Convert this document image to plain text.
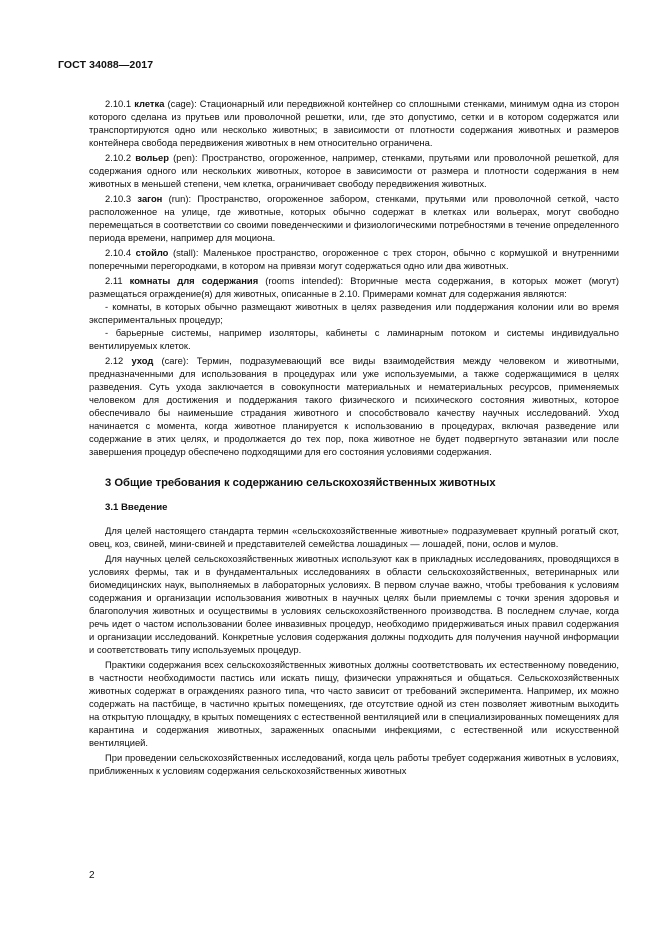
ГОСТ 34088—2017

2.10.1 клетка (cage): Стационарный или передвижной контейнер со сплошными стенками, минимум одна из сторон которого сделана из прутьев или проволочной решетки, или, где это допустимо, сетки и в котором содержатся или транспортируются одно или несколько животных; в зависимости от плотности содержания животных и размеров контейнера свобода передвижения животных в нем относительно ограничена.

2.10.2 вольер (pen): Пространство, огороженное, например, стенками, прутьями или проволочной решеткой, для содержания одного или нескольких животных, которое в зависимости от размера и плотности содержания в нем животных в меньшей степени, чем клетка, ограничивает свободу передвижения животных.

2.10.3 загон (run): Пространство, огороженное забором, стенками, прутьями или проволочной сеткой, часто расположенное на улице, где животные, которых обычно содержат в клетках или вольерах, могут свободно перемещаться в соответствии со своими поведенческими и физиологическими потребностями в течение определенного периода времени, например для моциона.

2.10.4 стойло (stall): Маленькое пространство, огороженное с трех сторон, обычно с кормушкой и внутренними поперечными перегородками, в котором на привязи могут содержаться одно или два животных.

2.11 комнаты для содержания (rooms intended): Вторичные места содержания, в которых может (могут) размещаться ограждение(я) для животных, описанные в 2.10. Примерами комнат для содержания являются:

- комнаты, в которых обычно размещают животных в целях разведения или поддержания колонии или во время экспериментальных процедур;

- барьерные системы, например изоляторы, кабинеты с ламинарным потоком и системы индивидуально вентилируемых клеток.

2.12 уход (care): Термин, подразумевающий все виды взаимодействия между человеком и животными, предназначенными для использования в процедурах или уже используемыми, а также содержащимися в целях разведения. Суть ухода заключается в совокупности материальных и нематериальных ресурсов, применяемых человеком для достижения и поддержания такого физического и психического состояния животных, которое обеспечивало бы наименьшие страдания животного и способствовало качеству научных исследований. Уход начинается с момента, когда животное планируется к использованию в процедурах, включая разведение или содержание в этих целях, и продолжается до тех пор, пока животное не будет подвергнуто эвтаназии или после завершения процедур обеспечено подходящими для его состояния условиями содержания.

3 Общие требования к содержанию сельскохозяйственных животных
3.1 Введение

Для целей настоящего стандарта термин «сельскохозяйственные животные» подразумевает крупный рогатый скот, овец, коз, свиней, мини-свиней и представителей семейства лошадиных — лошадей, пони, ослов и мулов.

Для научных целей сельскохозяйственных животных используют как в прикладных исследованиях, проводящихся в условиях фермы, так и в фундаментальных исследованиях в области сельскохозяйственных, ветеринарных или биомедицинских наук, выполняемых в лабораторных условиях. В первом случае важно, чтобы требования к условиям содержания и организации использования животных в научных целях были приемлемы с точки зрения здоровья и благополучия животных и осуществимы в условиях сельскохозяйственного производства. В последнем случае, когда речь идет о частом использовании более инвазивных процедур, необходимо придерживаться иных правил содержания и организации исследований. Конкретные условия содержания должны подходить для получения научной информации и соответствовать типу используемых процедур.

Практики содержания всех сельскохозяйственных животных должны соответствовать их естественному поведению, в частности необходимости пастись или искать пищу, физически упражняться и общаться. Сельскохозяйственных животных содержат в ограждениях разного типа, что часто зависит от требований эксперимента. Например, их можно содержать на пастбище, в частично крытых помещениях, где отсутствие одной из стен позволяет животным выходить на открытую площадку, в крытых помещениях с естественной вентиляцией или в специализированных помещениях для карантина и содержания животных, зараженных опасными инфекциями, с естественной или искусственной вентиляцией.

При проведении сельскохозяйственных исследований, когда цель работы требует содержания животных в условиях, приближенных к условиям содержания сельскохозяйственных животных

2
